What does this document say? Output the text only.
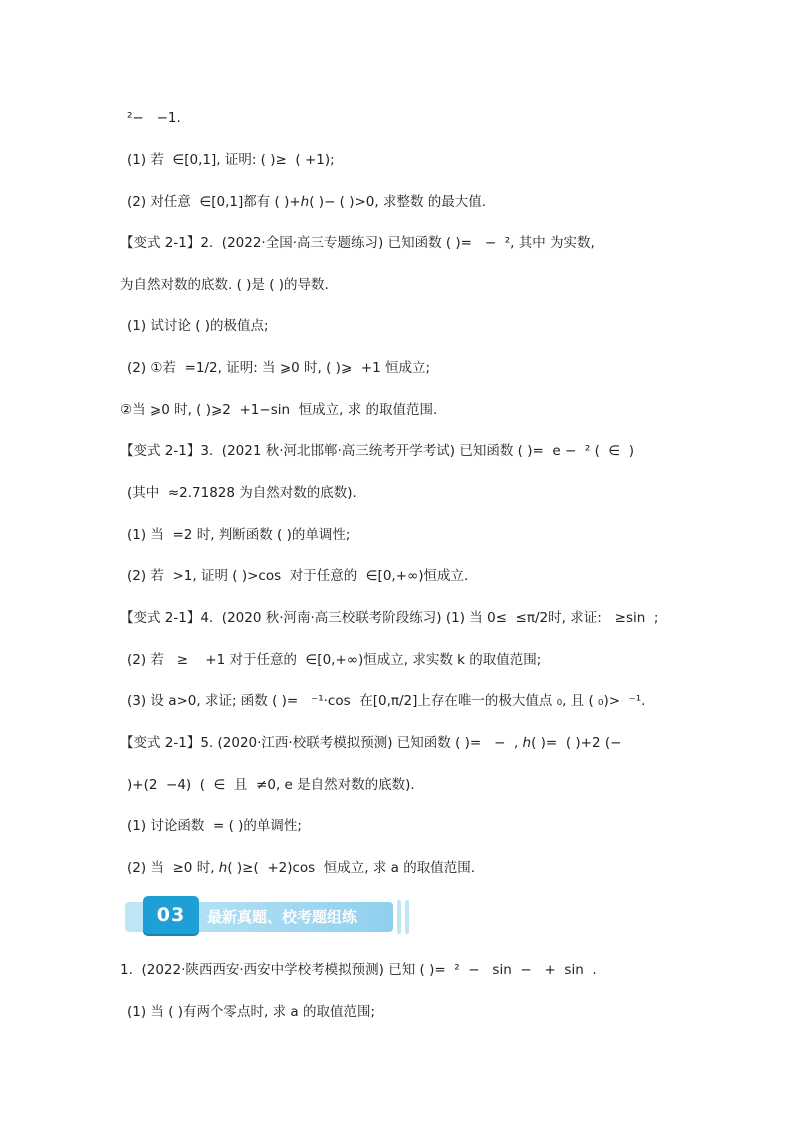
²−   −1.
(1) 若  ∈[0,1], 证明: ( )≥  ( +1);
(2) 对任意  ∈[0,1]都有 ( )+ℎ( )− ( )>0, 求整数 的最大值.
【变式 2-1】2.  (2022·全国·高三专题练习) 已知函数 ( )=   −  ², 其中 为实数,
为自然对数的底数. ( )是 ( )的导数.
(1) 试讨论 ( )的极值点;
(2) ①若  =1/2, 证明: 当 ⩾0 时, ( )⩾  +1 恒成立;
②当 ⩾0 时, ( )⩾2  +1−sin  恒成立, 求 的取值范围.
【变式 2-1】3.  (2021 秋·河北邯郸·高三统考开学考试) 已知函数 ( )=  e −  ² (  ∈  )
(其中  ≈2.71828 为自然对数的底数).
(1) 当  =2 时, 判断函数 ( )的单调性;
(2) 若  >1, 证明 ( )>cos  对于任意的  ∈[0,+∞)恒成立.
【变式 2-1】4.  (2020 秋·河南·高三校联考阶段练习) (1) 当 0≤  ≤π/2时, 求证:   ≥sin  ;
(2) 若   ≥    +1 对于任意的  ∈[0,+∞)恒成立, 求实数 k 的取值范围;
(3) 设 a>0, 求证; 函数 ( )=   ⁻¹·cos  在[0,π/2]上存在唯一的极大值点 ₀, 且 ( ₀)>  ⁻¹.
【变式 2-1】5. (2020·江西·校联考模拟预测) 已知函数 ( )=   −  , ℎ( )=  ( )+2 (−
)+(2  −4)  (  ∈  且  ≠0, e 是自然对数的底数).
(1) 讨论函数  = ( )的单调性;
(2) 当  ≥0 时, ℎ( )≥(  +2)cos  恒成立, 求 a 的取值范围.
03	最新真题、校考题组练
1.  (2022·陕西西安·西安中学校考模拟预测) 已知 ( )=  ²  −   sin  −   +  sin  .
(1) 当 ( )有两个零点时, 求 a 的取值范围;
